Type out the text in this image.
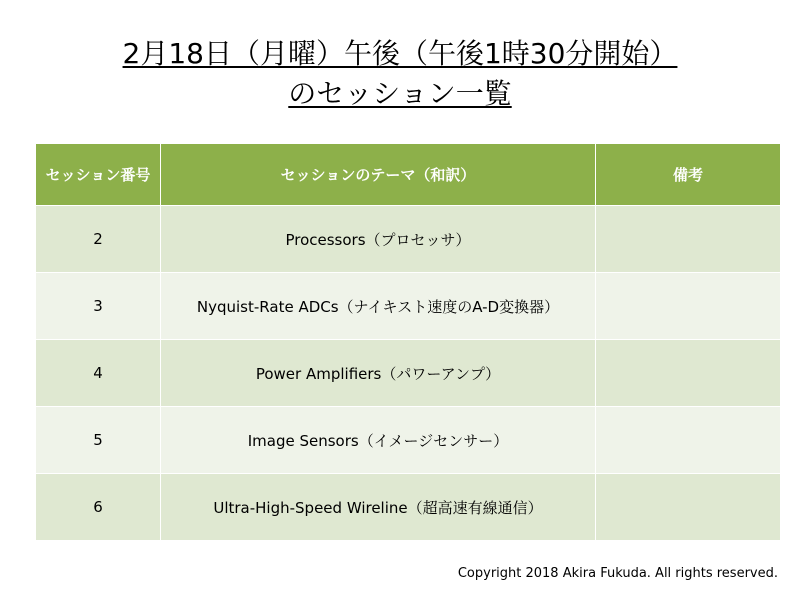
2月18日（月曜）午後（午後1時30分開始）
のセッション一覧
セッション番号	セッションのテーマ（和訳）	備考
2	Processors（プロセッサ）	
3	Nyquist-Rate ADCs（ナイキスト速度のA-D変換器）	
4	Power Amplifiers（パワーアンプ）	
5	Image Sensors（イメージセンサー）	
6	Ultra-High-Speed Wireline（超高速有線通信）	
Copyright 2018 Akira Fukuda. All rights reserved.
